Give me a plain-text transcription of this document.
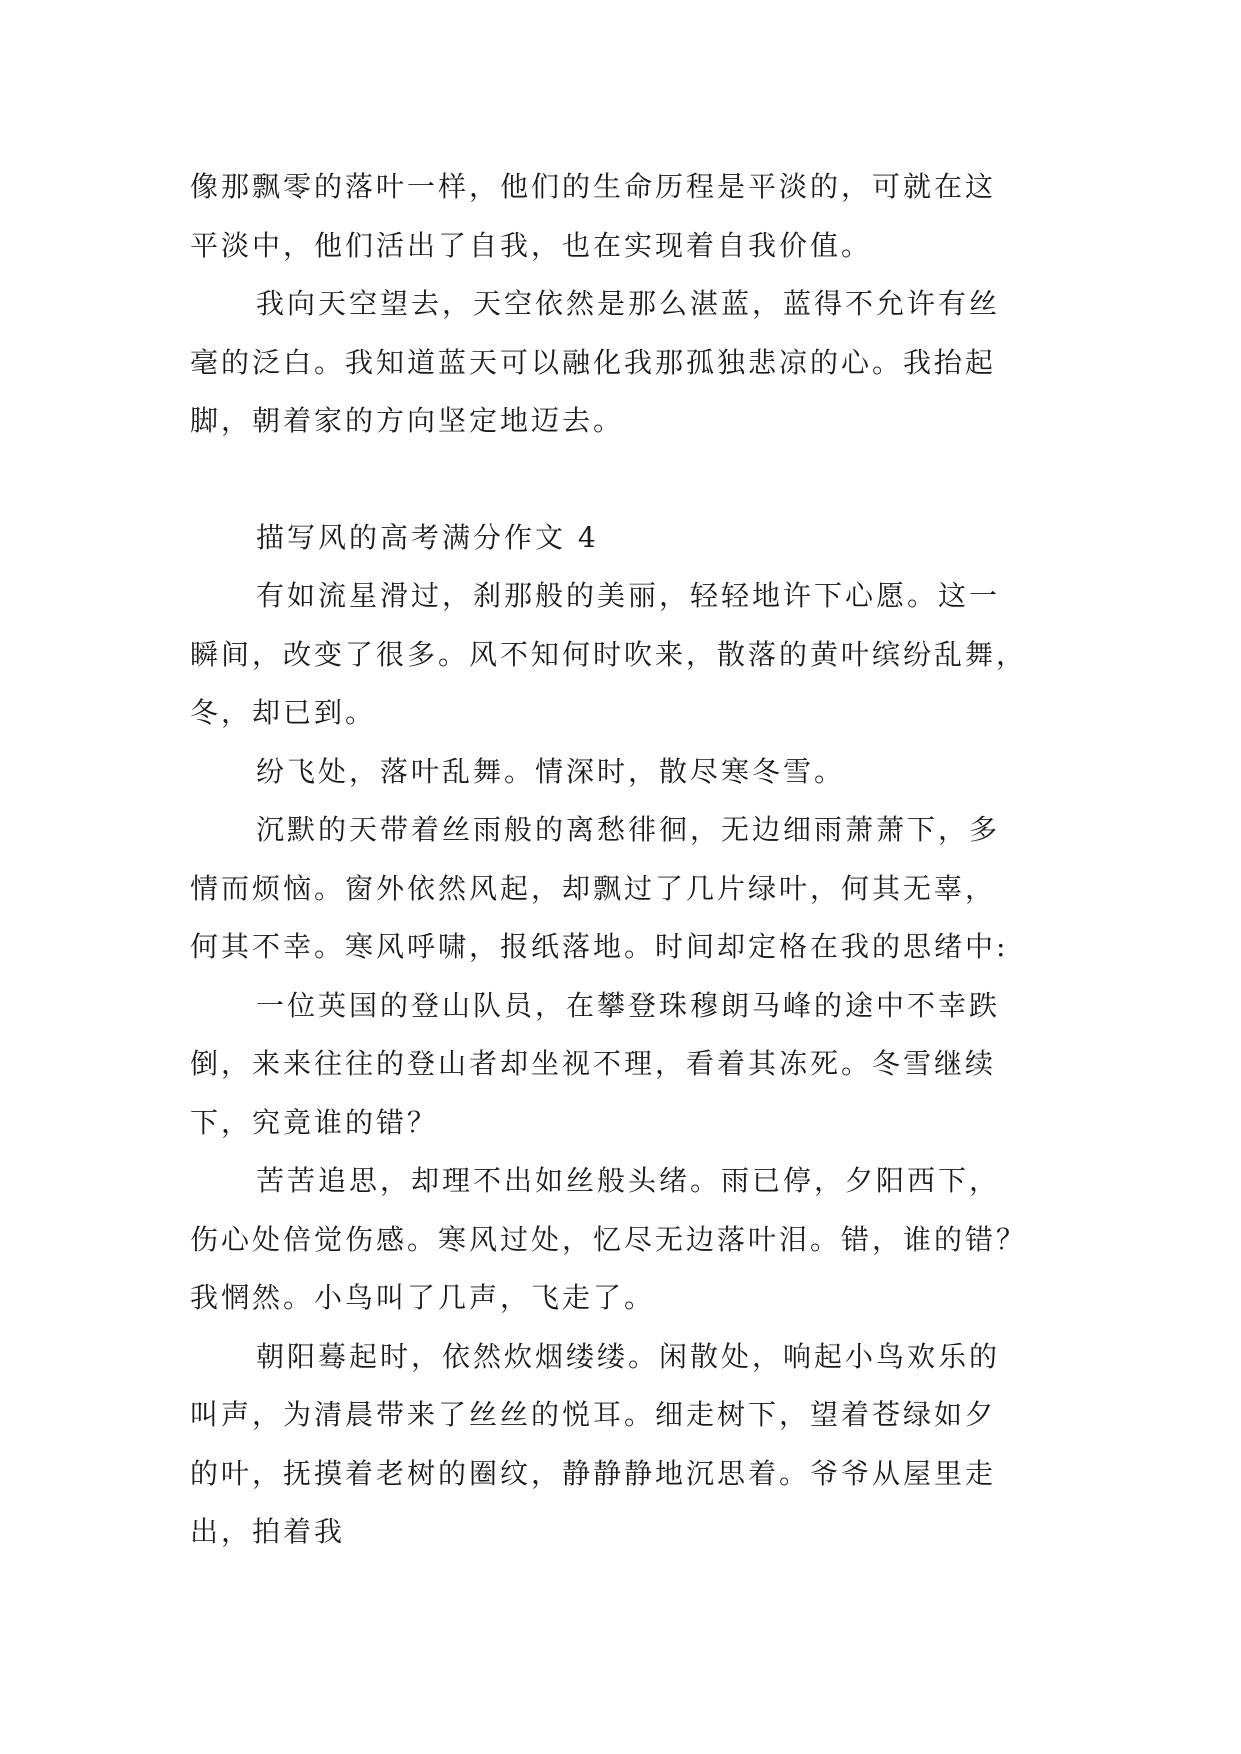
像那飘零的落叶一样，他们的生命历程是平淡的，可就在这

平淡中，他们活出了自我，也在实现着自我价值。

我向天空望去，天空依然是那么湛蓝，蓝得不允许有丝

毫的泛白。我知道蓝天可以融化我那孤独悲凉的心。我抬起

脚，朝着家的方向坚定地迈去。

描写风的高考满分作文 4

有如流星滑过，刹那般的美丽，轻轻地许下心愿。这一

瞬间，改变了很多。风不知何时吹来，散落的黄叶缤纷乱舞，

冬，却已到。

纷飞处，落叶乱舞。情深时，散尽寒冬雪。

沉默的天带着丝雨般的离愁徘徊，无边细雨萧萧下，多

情而烦恼。窗外依然风起，却飘过了几片绿叶，何其无辜，

何其不幸。寒风呼啸，报纸落地。时间却定格在我的思绪中:

一位英国的登山队员，在攀登珠穆朗马峰的途中不幸跌

倒，来来往往的登山者却坐视不理，看着其冻死。冬雪继续

下，究竟谁的错？

苦苦追思，却理不出如丝般头绪。雨已停，夕阳西下，

伤心处倍觉伤感。寒风过处，忆尽无边落叶泪。错，谁的错？

我惘然。小鸟叫了几声，飞走了。

朝阳蓦起时，依然炊烟缕缕。闲散处，响起小鸟欢乐的

叫声，为清晨带来了丝丝的悦耳。细走树下，望着苍绿如夕

的叶，抚摸着老树的圈纹，静静静地沉思着。爷爷从屋里走

出，拍着我
